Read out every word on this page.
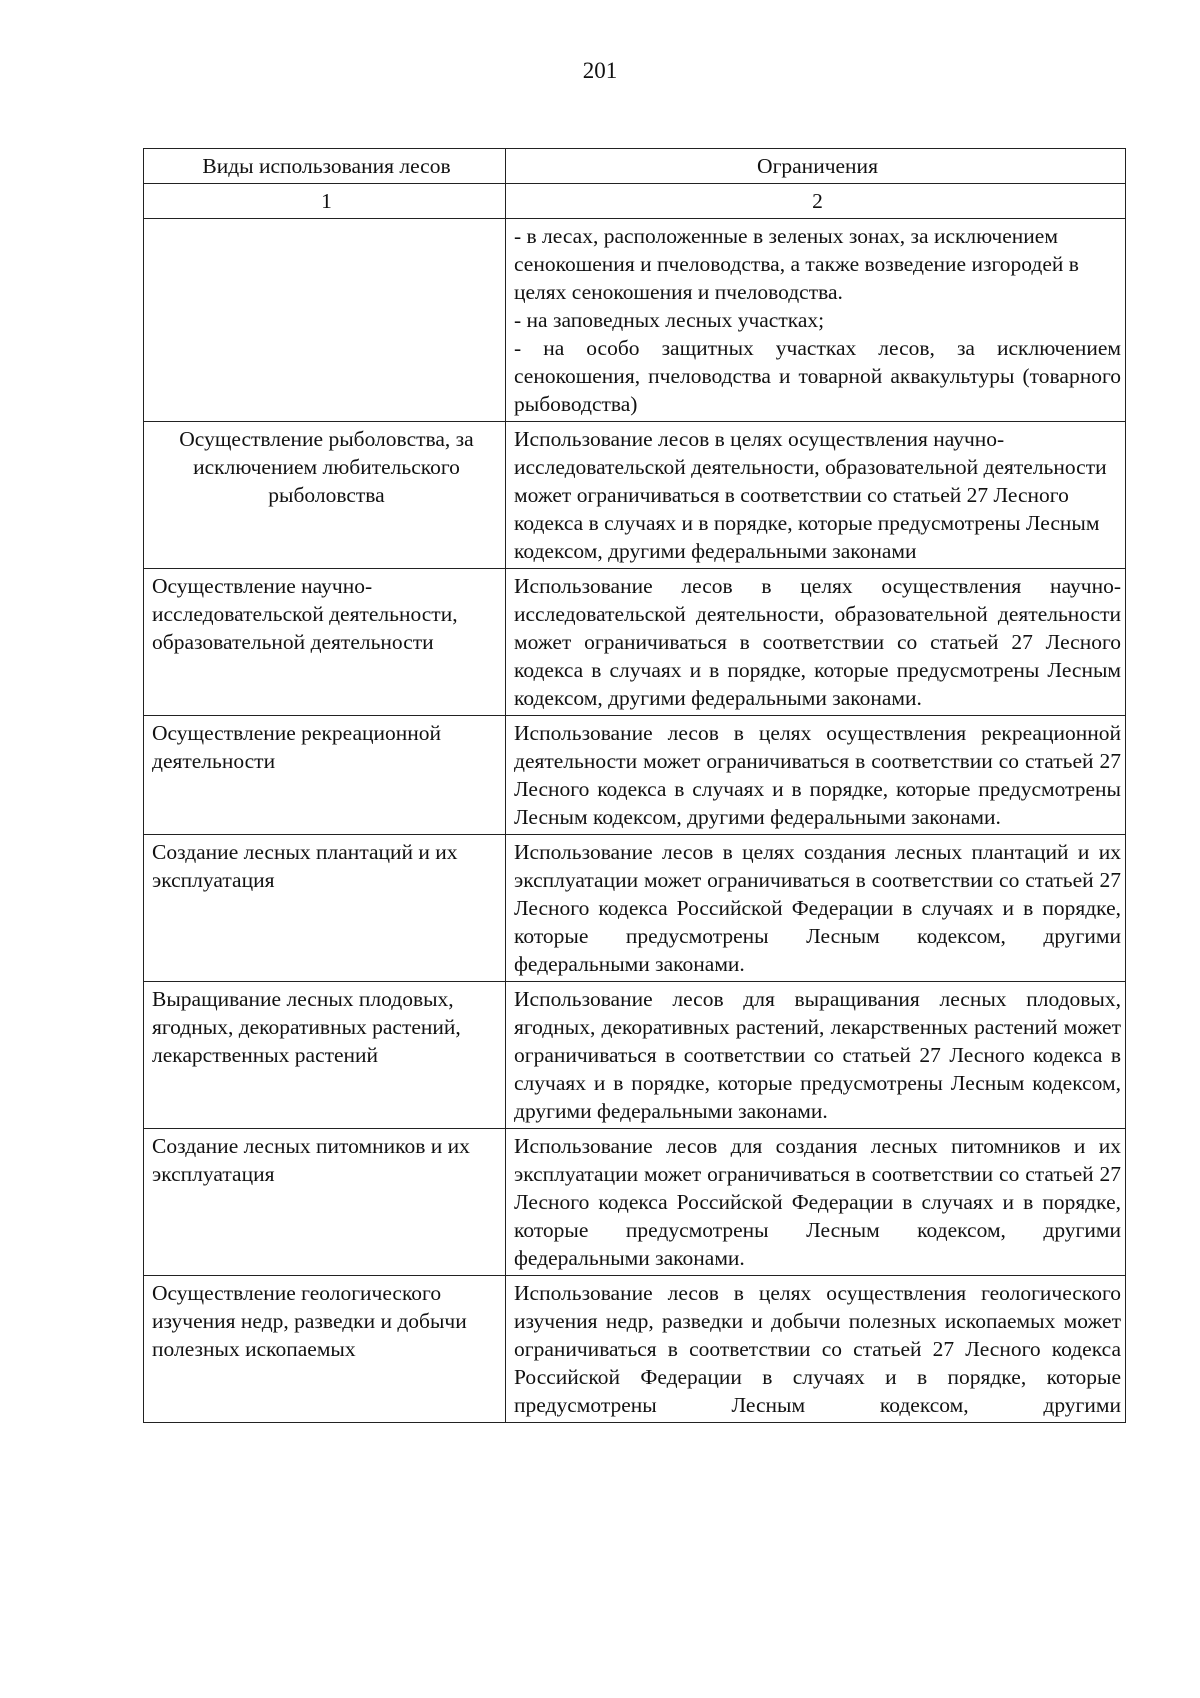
201
Виды использования лесов	Ограничения
1	2

	- в лесах, расположенные в зеленых зонах, за исключением сенокошения и пчеловодства, а также возведение изгородей в целях сенокошения и пчеловодства.
- на заповедных лесных участках;
- на особо защитных участках лесов, за исключением сенокошения, пчеловодства и товарной аквакультуры (товарного рыбоводства)

Осуществление рыболовства, за исключением любительского рыболовства	Использование лесов в целях осуществления научно-исследовательской деятельности, образовательной деятельности может ограничиваться в соответствии со статьей 27 Лесного кодекса в случаях и в порядке, которые предусмотрены Лесным кодексом, другими федеральными законами
Осуществление научно-исследовательской деятельности, образовательной деятельности	Использование лесов в целях осуществления научно-исследовательской деятельности, образовательной деятельности может ограничиваться в соответствии со статьей 27 Лесного кодекса в случаях и в порядке, которые предусмотрены Лесным кодексом, другими федеральными законами.
Осуществление рекреационной деятельности	Использование лесов в целях осуществления рекреационной деятельности может ограничиваться в соответствии со статьей 27 Лесного кодекса в случаях и в порядке, которые предусмотрены Лесным кодексом, другими федеральными законами.
Создание лесных плантаций и их эксплуатация	Использование лесов в целях создания лесных плантаций и их эксплуатации может ограничиваться в соответствии со статьей 27 Лесного кодекса Российской Федерации в случаях и в порядке, которые предусмотрены Лесным кодексом, другими федеральными законами.
Выращивание лесных плодовых, ягодных, декоративных растений, лекарственных растений	Использование лесов для выращивания лесных плодовых, ягодных, декоративных растений, лекарственных растений может ограничиваться в соответствии со статьей 27 Лесного кодекса в случаях и в порядке, которые предусмотрены Лесным кодексом, другими федеральными законами.
Создание лесных питомников и их эксплуатация	Использование лесов для создания лесных питомников и их эксплуатации может ограничиваться в соответствии со статьей 27 Лесного кодекса Российской Федерации в случаях и в порядке, которые предусмотрены Лесным кодексом, другими федеральными законами.
Осуществление геологического изучения недр, разведки и добычи полезных ископаемых	Использование лесов в целях осуществления геологического изучения недр, разведки и добычи полезных ископаемых может ограничиваться в соответствии со статьей 27 Лесного кодекса Российской Федерации в случаях и в порядке, которые предусмотрены Лесным кодексом, другими
